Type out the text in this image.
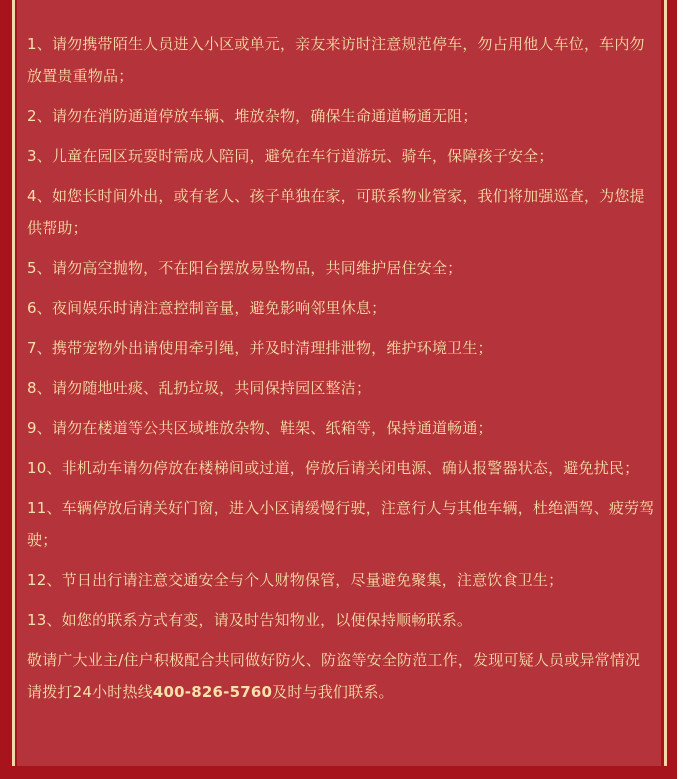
1、请勿携带陌生人员进入小区或单元，亲友来访时注意规范停车，勿占用他人车位，车内勿放置贵重物品；

2、请勿在消防通道停放车辆、堆放杂物，确保生命通道畅通无阻；

3、儿童在园区玩耍时需成人陪同，避免在车行道游玩、骑车，保障孩子安全；

4、如您长时间外出，或有老人、孩子单独在家，可联系物业管家，我们将加强巡查，为您提供帮助；

5、请勿高空抛物，不在阳台摆放易坠物品，共同维护居住安全；

6、夜间娱乐时请注意控制音量，避免影响邻里休息；

7、携带宠物外出请使用牵引绳，并及时清理排泄物，维护环境卫生；

8、请勿随地吐痰、乱扔垃圾，共同保持园区整洁；

9、请勿在楼道等公共区域堆放杂物、鞋架、纸箱等，保持通道畅通；

10、非机动车请勿停放在楼梯间或过道，停放后请关闭电源、确认报警器状态，避免扰民；

11、车辆停放后请关好门窗，进入小区请缓慢行驶，注意行人与其他车辆，杜绝酒驾、疲劳驾驶；

12、节日出行请注意交通安全与个人财物保管，尽量避免聚集，注意饮食卫生；

13、如您的联系方式有变，请及时告知物业，以便保持顺畅联系。

敬请广大业主/住户积极配合共同做好防火、防盗等安全防范工作，发现可疑人员或异常情况请拨打24小时热线400-826-5760及时与我们联系。
